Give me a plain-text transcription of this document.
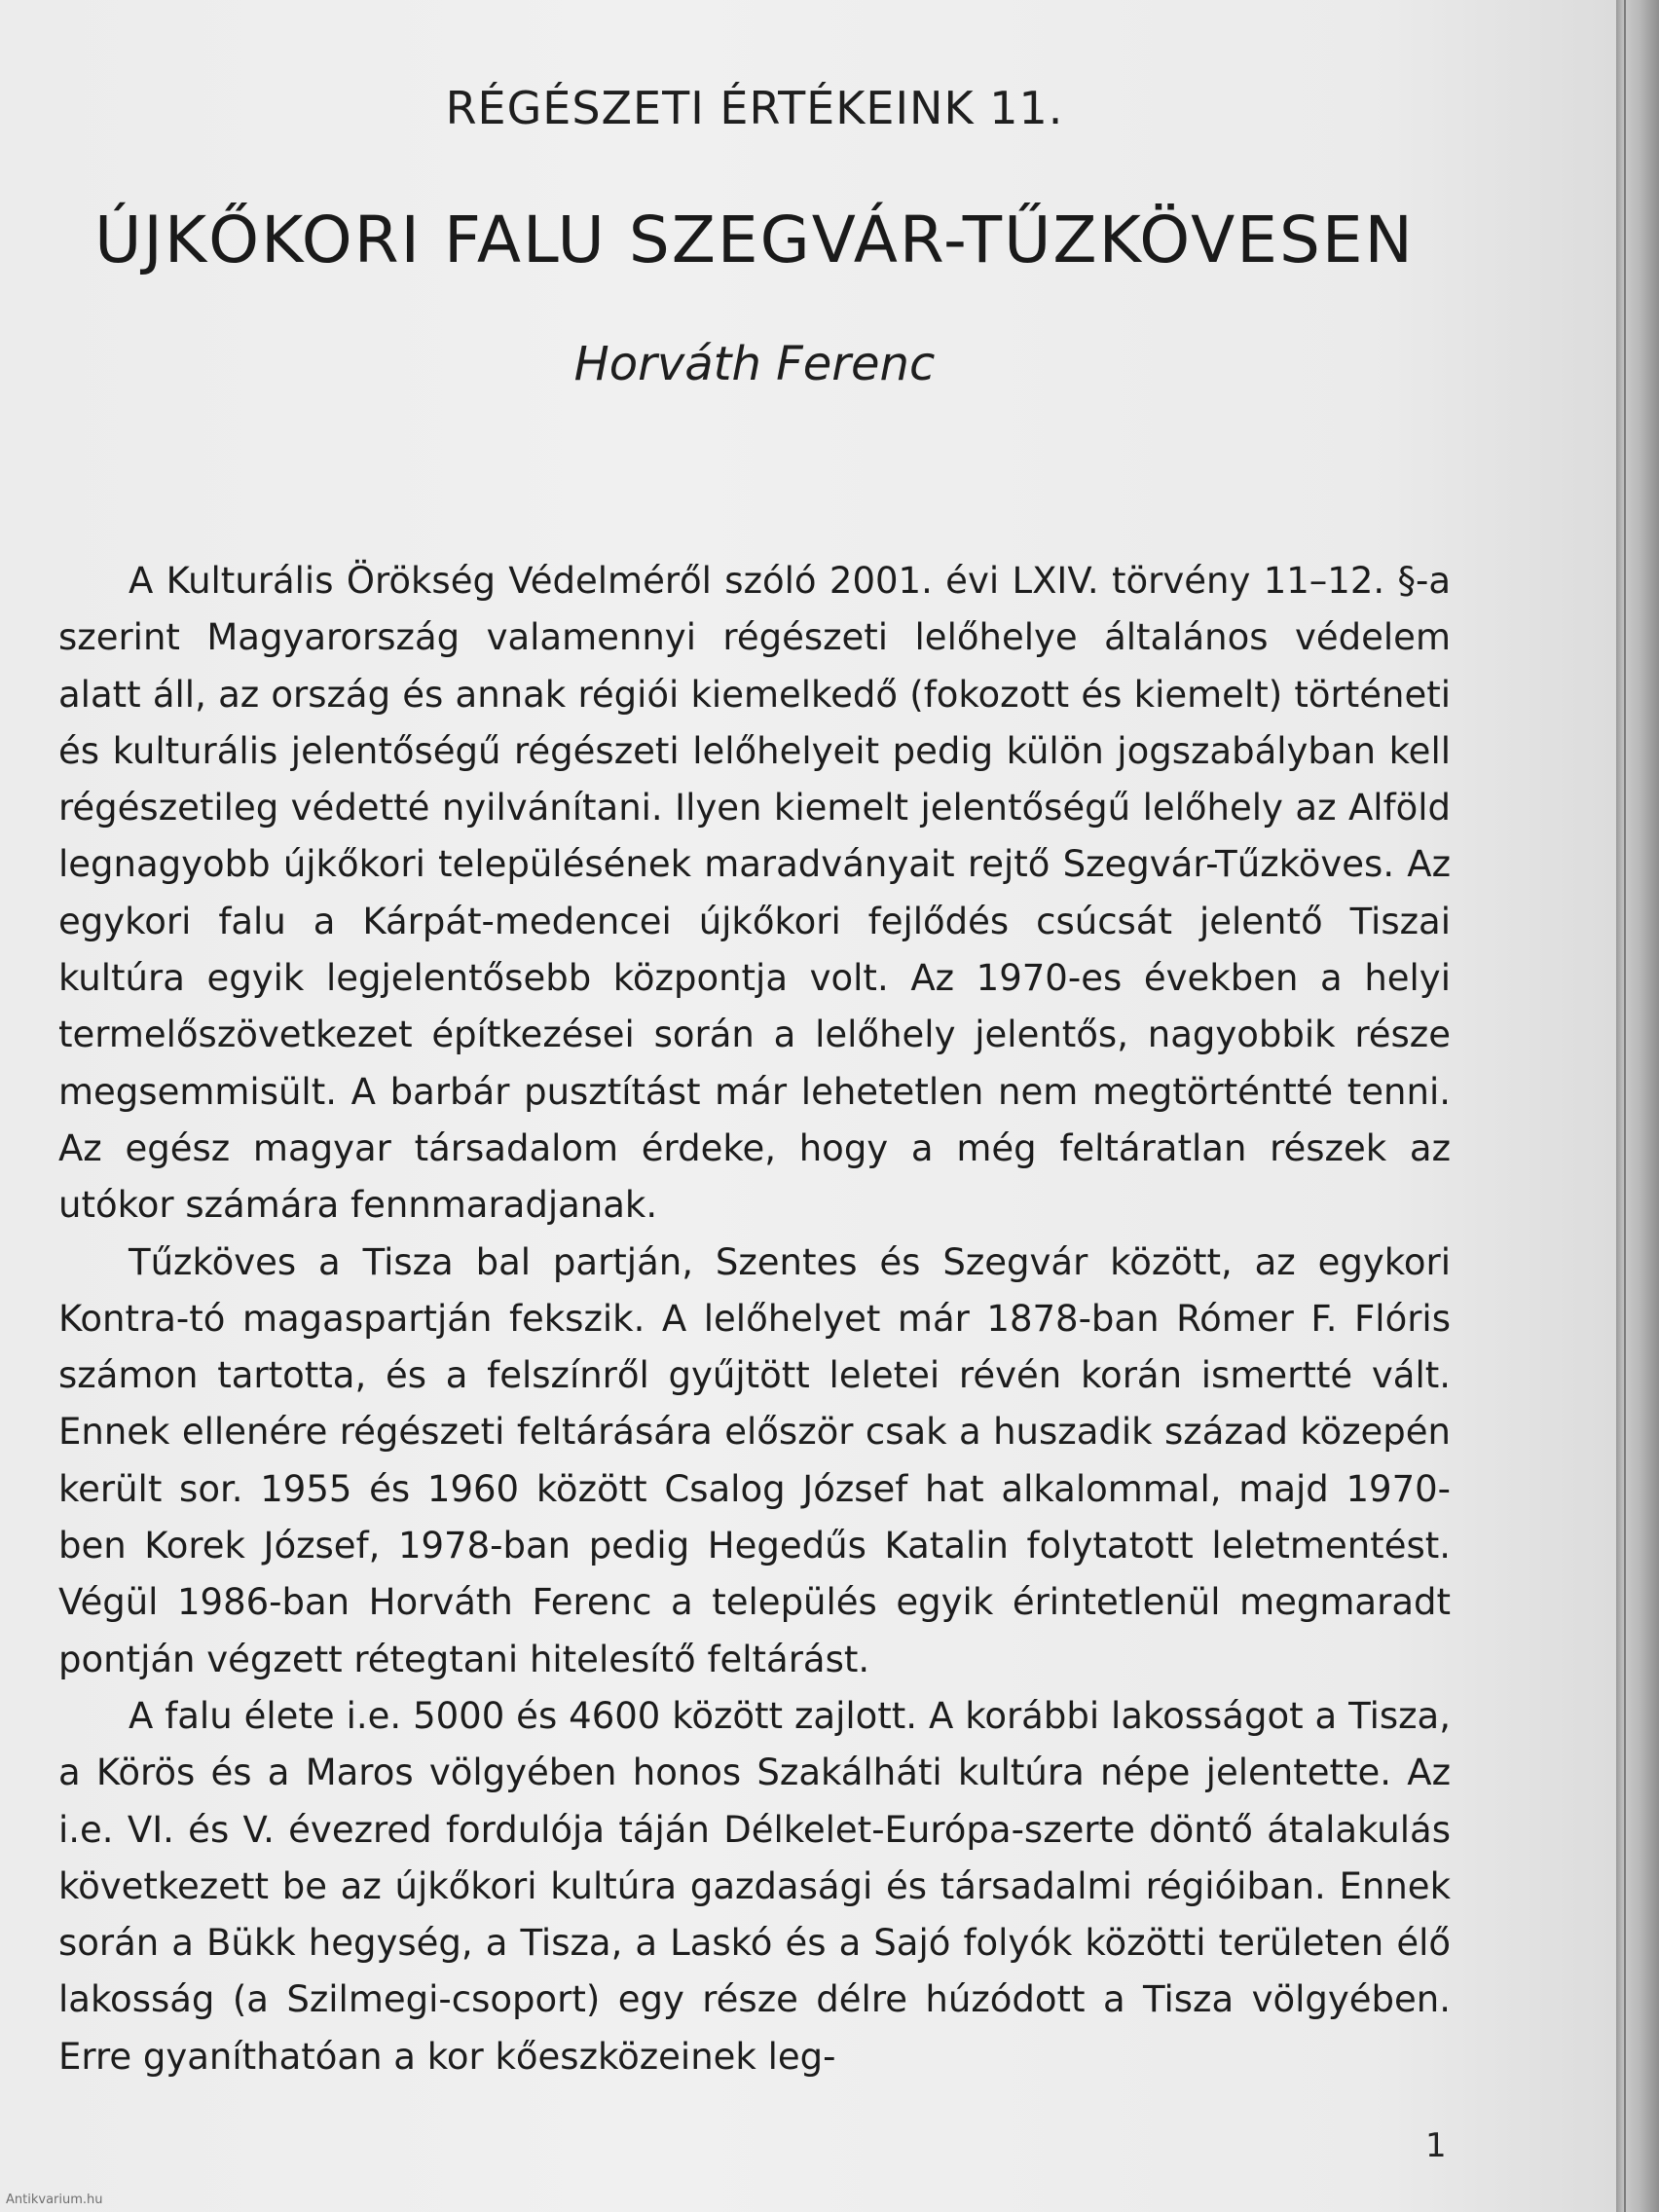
RÉGÉSZETI ÉRTÉKEINK 11.
ÚJKŐKORI FALU SZEGVÁR-TŰZKÖVESEN
Horváth Ferenc

A Kulturális Örökség Védelméről szóló 2001. évi LXIV. törvény 11–12. §-a szerint Magyarország valamennyi régészeti lelőhelye általános védelem alatt áll, az ország és annak régiói kiemelkedő (fokozott és kiemelt) történeti és kulturális jelentőségű régészeti lelőhelyeit pedig külön jogszabályban kell régészetileg védetté nyilvánítani. Ilyen kiemelt jelentőségű lelőhely az Alföld legnagyobb újkőkori településének maradványait rejtő Szegvár-Tűzköves. Az egykori falu a Kárpát-medencei újkőkori fejlődés csúcsát jelentő Tiszai kultúra egyik legjelentősebb központja volt. Az 1970-es években a helyi termelőszövetkezet építkezései során a lelőhely jelentős, nagyobbik része megsemmisült. A barbár pusztítást már lehetetlen nem megtörténtté tenni. Az egész magyar társadalom érdeke, hogy a még feltáratlan részek az utókor számára fennmaradjanak.

Tűzköves a Tisza bal partján, Szentes és Szegvár között, az egykori Kontra-tó magaspartján fekszik. A lelőhelyet már 1878-ban Rómer F. Flóris számon tartotta, és a felszínről gyűjtött leletei révén korán ismertté vált. Ennek ellenére régészeti feltárására először csak a huszadik század közepén került sor. 1955 és 1960 között Csalog József hat alkalommal, majd 1970-ben Korek József, 1978-ban pedig Hegedűs Katalin folytatott leletmentést. Végül 1986-ban Horváth Ferenc a település egyik érintetlenül megmaradt pontján végzett rétegtani hitelesítő feltárást.

A falu élete i.e. 5000 és 4600 között zajlott. A korábbi lakosságot a Tisza, a Körös és a Maros völgyében honos Szakálháti kultúra népe jelentette. Az i.e. VI. és V. évezred fordulója táján Délkelet-Európa-szerte döntő átalakulás következett be az újkőkori kultúra gazdasági és társadalmi régióiban. Ennek során a Bükk hegység, a Tisza, a Laskó és a Sajó folyók közötti területen élő lakosság (a Szilmegi-csoport) egy része délre húzódott a Tisza völgyében. Erre gyaníthatóan a kor kőeszközeinek leg-

1
Antikvarium.hu
